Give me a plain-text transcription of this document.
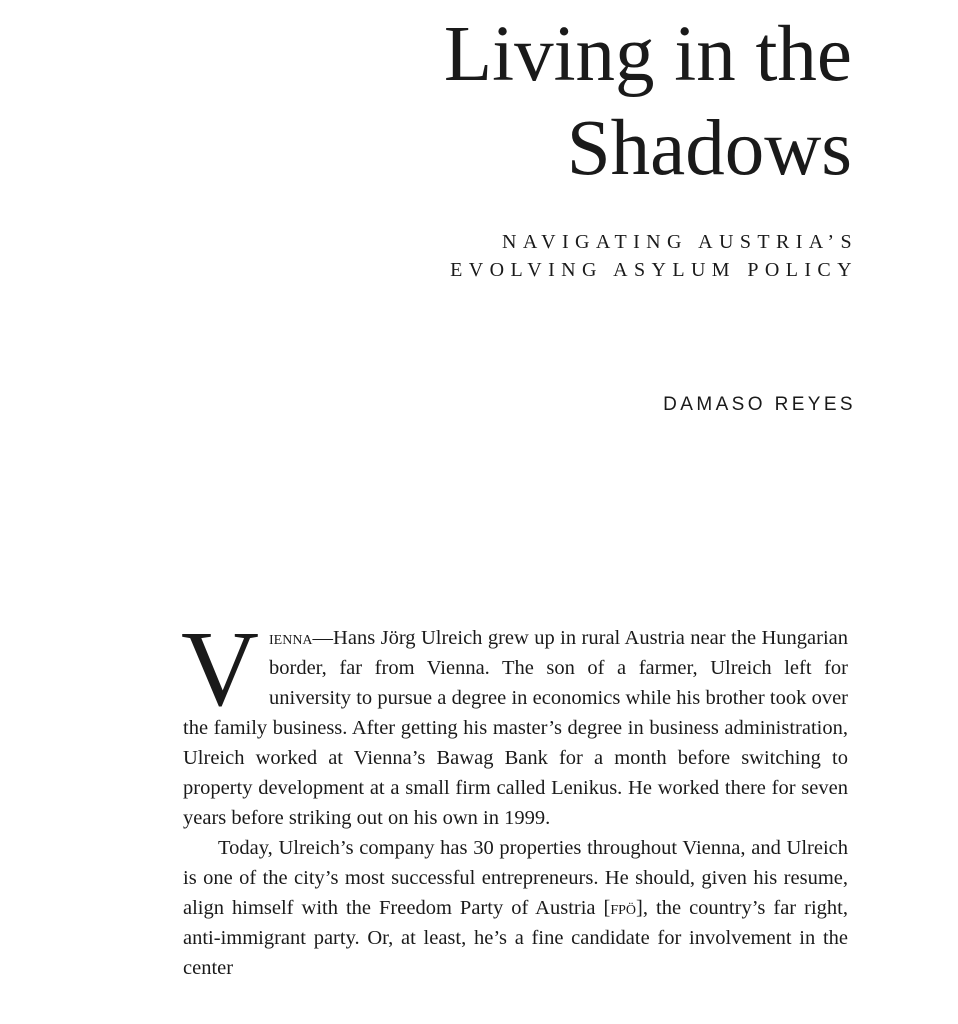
Living in the
Shadows
NAVIGATING AUSTRIA’S
EVOLVING ASYLUM POLICY
DAMASO REYES

Vienna—Hans Jörg Ulreich grew up in rural Austria near the Hungarian border, far from Vienna. The son of a farmer, Ulreich left for university to pursue a degree in economics while his brother took over the family business. After getting his master’s degree in business administration, Ulreich worked at Vienna’s Bawag Bank for a month before switching to property development at a small firm called Lenikus. He worked there for seven years before striking out on his own in 1999.

Today, Ulreich’s company has 30 properties throughout Vienna, and Ulreich is one of the city’s most successful entrepreneurs. He should, given his resume, align himself with the Freedom Party of Austria [fpö], the country’s far right, anti-immigrant party. Or, at least, he’s a fine candidate for involvement in the center
